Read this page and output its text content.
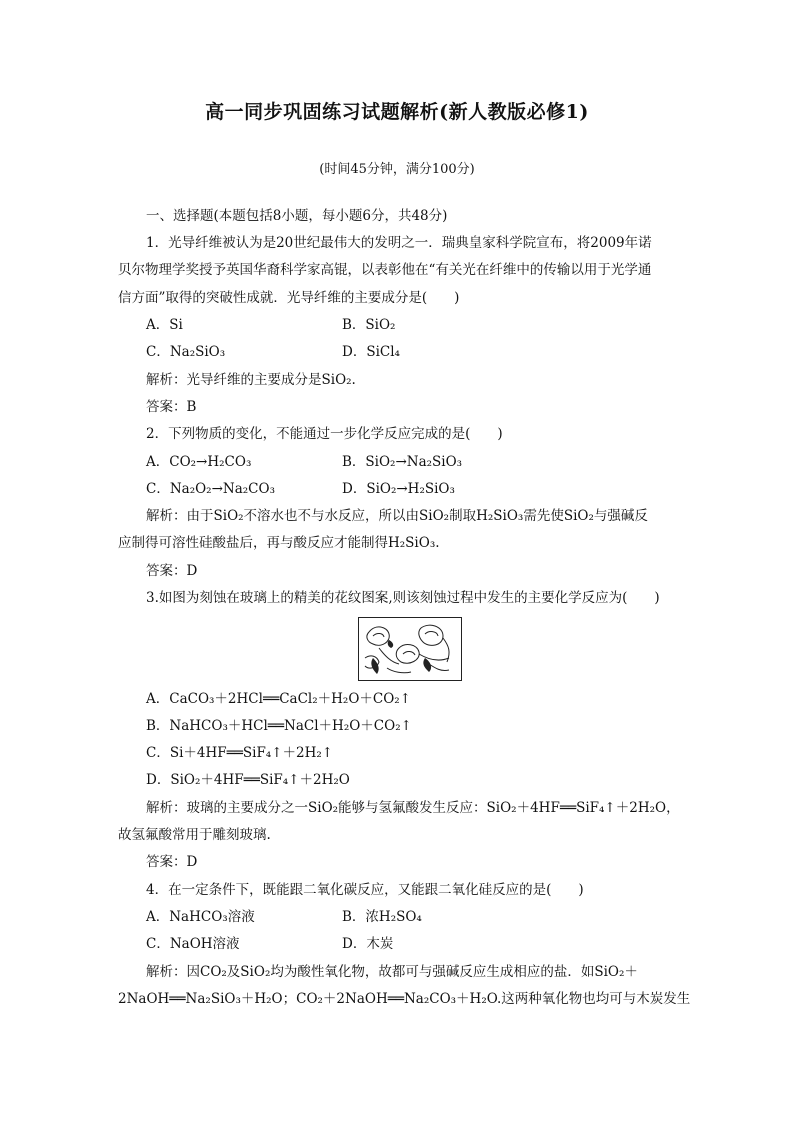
高一同步巩固练习试题解析(新人教版必修1)
(时间45分钟，满分100分)
一、选择题(本题包括8小题，每小题6分，共48分)
1．光导纤维被认为是20世纪最伟大的发明之一．瑞典皇家科学院宣布，将2009年诺
贝尔物理学奖授予英国华裔科学家高锟，以表彰他在“有关光在纤维中的传输以用于光学通
信方面”取得的突破性成就．光导纤维的主要成分是(　　)
A．Si	B．SiO₂
C．Na₂SiO₃	D．SiCl₄
解析：光导纤维的主要成分是SiO₂.
答案：B
2．下列物质的变化，不能通过一步化学反应完成的是(　　)
A．CO₂→H₂CO₃	B．SiO₂→Na₂SiO₃
C．Na₂O₂→Na₂CO₃	D．SiO₂→H₂SiO₃
解析：由于SiO₂不溶水也不与水反应，所以由SiO₂制取H₂SiO₃需先使SiO₂与强碱反
应制得可溶性硅酸盐后，再与酸反应才能制得H₂SiO₃.
答案：D
3.如图为刻蚀在玻璃上的精美的花纹图案,则该刻蚀过程中发生的主要化学反应为(　　)
A．CaCO₃＋2HCl══CaCl₂＋H₂O＋CO₂↑
B．NaHCO₃＋HCl══NaCl＋H₂O＋CO₂↑
C．Si＋4HF══SiF₄↑＋2H₂↑
D．SiO₂＋4HF══SiF₄↑＋2H₂O
解析：玻璃的主要成分之一SiO₂能够与氢氟酸发生反应：SiO₂＋4HF══SiF₄↑＋2H₂O，
故氢氟酸常用于雕刻玻璃.
答案：D
4．在一定条件下，既能跟二氧化碳反应，又能跟二氧化硅反应的是(　　)
A．NaHCO₃溶液	B．浓H₂SO₄
C．NaOH溶液	D．木炭
解析：因CO₂及SiO₂均为酸性氧化物，故都可与强碱反应生成相应的盐．如SiO₂＋
2NaOH══Na₂SiO₃＋H₂O；CO₂＋2NaOH══Na₂CO₃＋H₂O.这两种氧化物也均可与木炭发生
